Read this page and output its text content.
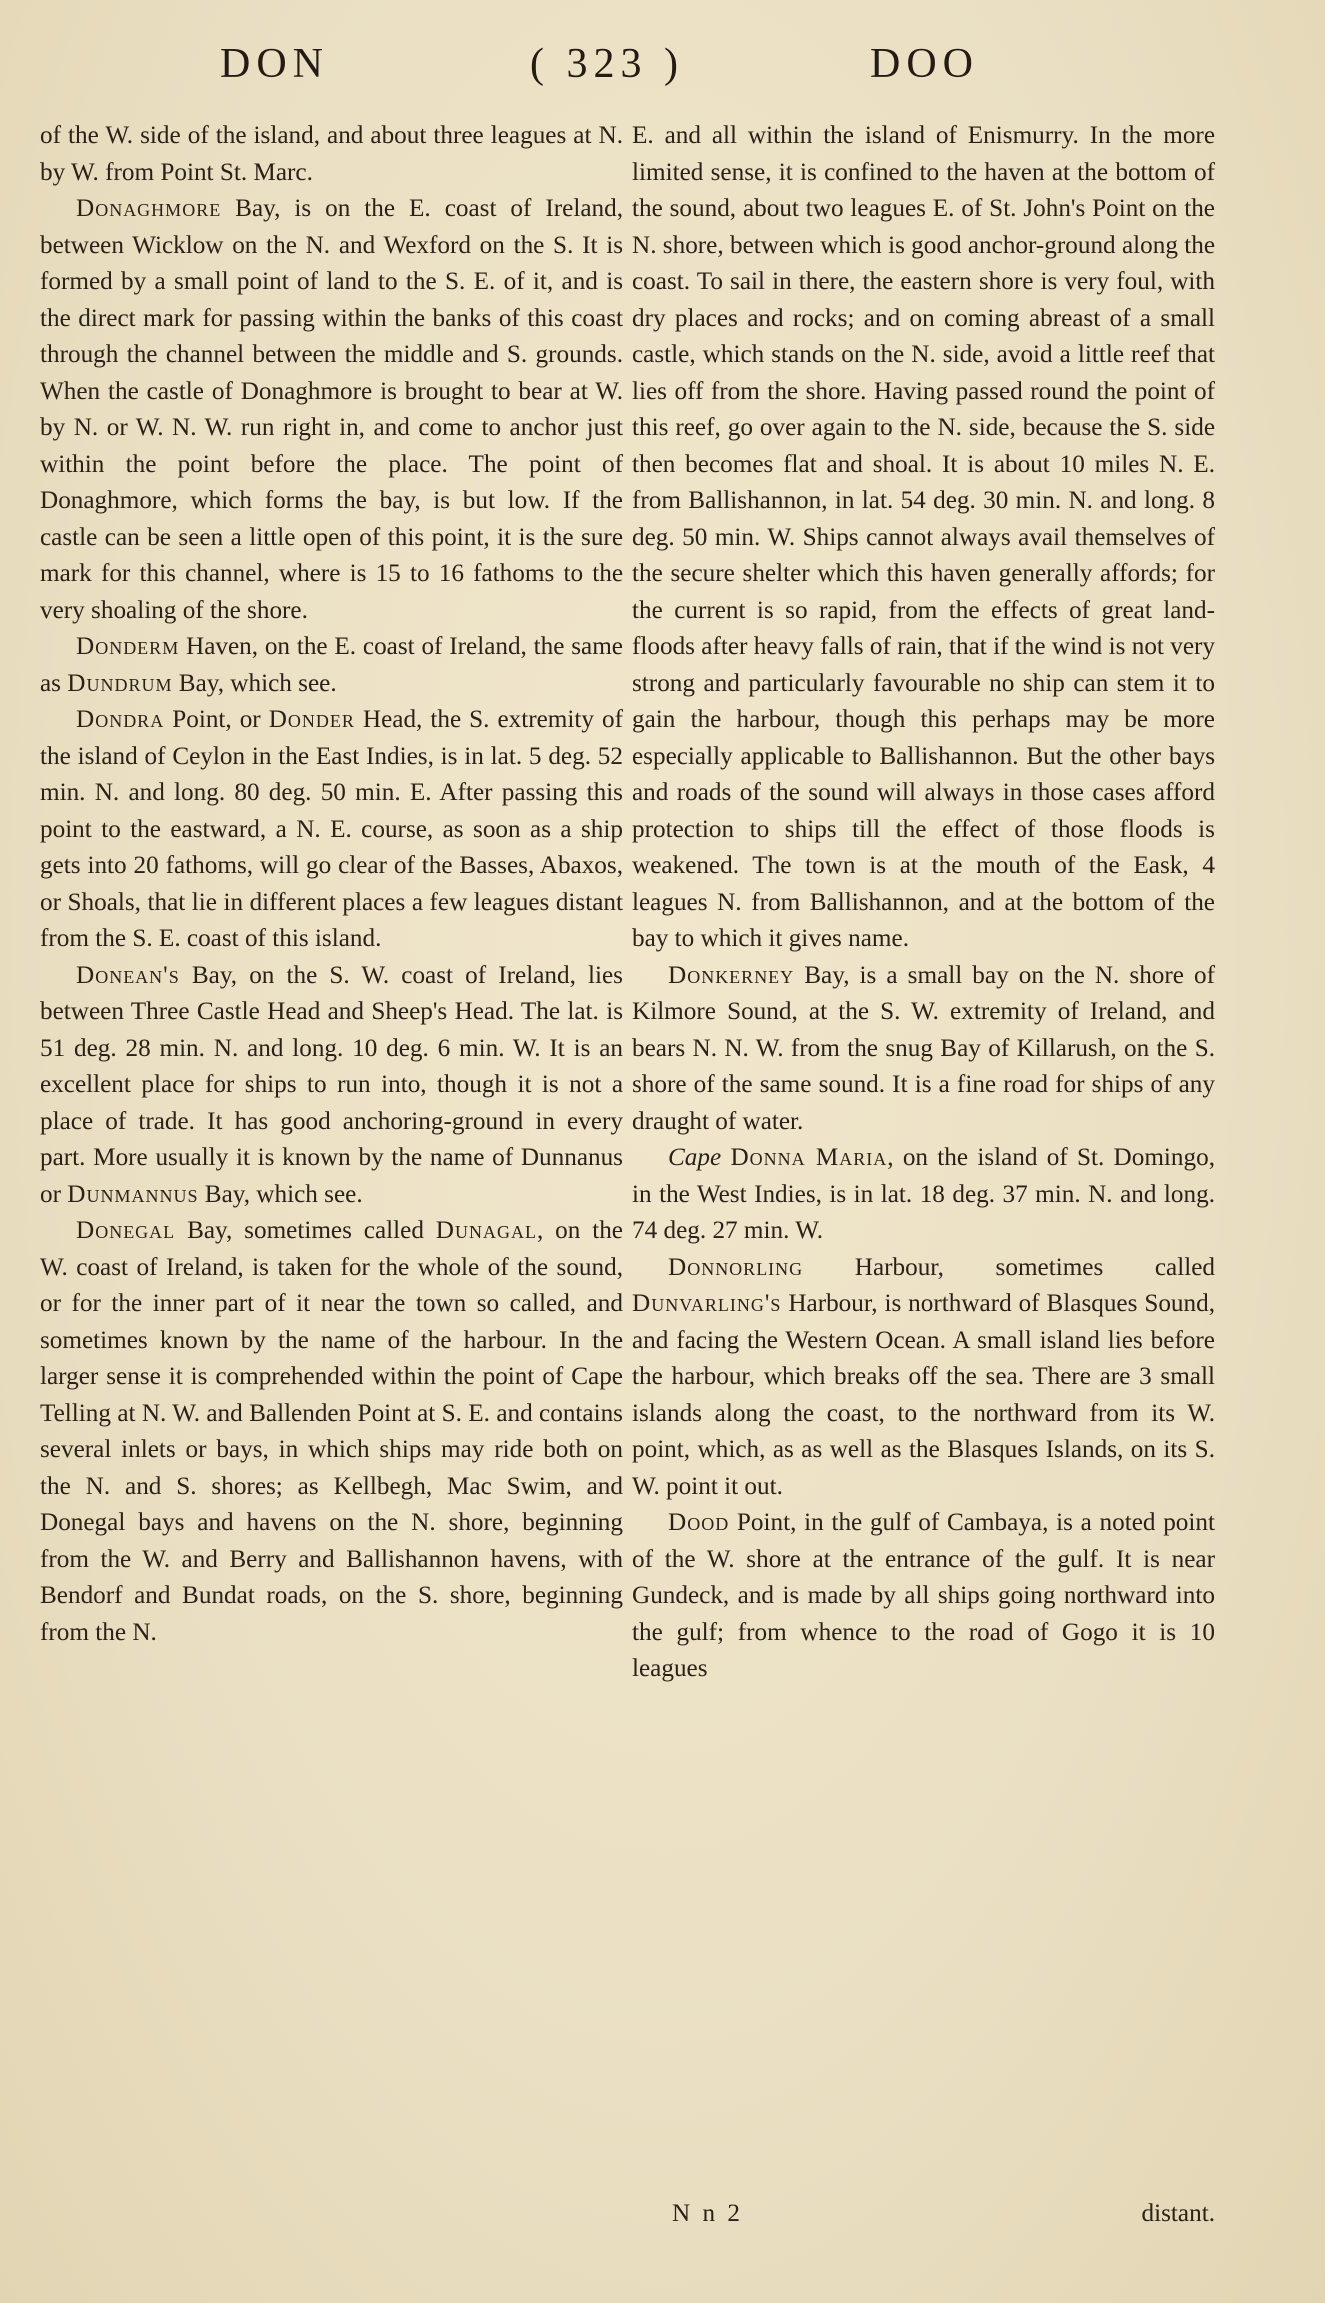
DON	( 323 )	DOO

of the W. side of the island, and about three leagues at N. by W. from Point St. Marc.

Donaghmore Bay, is on the E. coast of Ireland, between Wicklow on the N. and Wexford on the S. It is formed by a small point of land to the S. E. of it, and is the direct mark for passing within the banks of this coast through the channel between the middle and S. grounds. When the castle of Donaghmore is brought to bear at W. by N. or W. N. W. run right in, and come to anchor just within the point before the place. The point of Donaghmore, which forms the bay, is but low. If the castle can be seen a little open of this point, it is the sure mark for this channel, where is 15 to 16 fathoms to the very shoaling of the shore.

Donderm Haven, on the E. coast of Ireland, the same as Dundrum Bay, which see.

Dondra Point, or Donder Head, the S. extremity of the island of Ceylon in the East Indies, is in lat. 5 deg. 52 min. N. and long. 80 deg. 50 min. E. After passing this point to the eastward, a N. E. course, as soon as a ship gets into 20 fathoms, will go clear of the Basses, Abaxos, or Shoals, that lie in different places a few leagues distant from the S. E. coast of this island.

Donean's Bay, on the S. W. coast of Ireland, lies between Three Castle Head and Sheep's Head. The lat. is 51 deg. 28 min. N. and long. 10 deg. 6 min. W. It is an excellent place for ships to run into, though it is not a place of trade. It has good anchoring-ground in every part. More usually it is known by the name of Dunnanus or Dunmannus Bay, which see.

Donegal Bay, sometimes called Dunagal, on the W. coast of Ireland, is taken for the whole of the sound, or for the inner part of it near the town so called, and sometimes known by the name of the harbour. In the larger sense it is comprehended within the point of Cape Telling at N. W. and Ballenden Point at S. E. and contains several inlets or bays, in which ships may ride both on the N. and S. shores; as Kellbegh, Mac Swim, and Donegal bays and havens on the N. shore, beginning from the W. and Berry and Ballishannon havens, with Bendorf and Bundat roads, on the S. shore, beginning from the N.

E. and all within the island of Enismurry. In the more limited sense, it is confined to the haven at the bottom of the sound, about two leagues E. of St. John's Point on the N. shore, between which is good anchor-ground along the coast. To sail in there, the eastern shore is very foul, with dry places and rocks; and on coming abreast of a small castle, which stands on the N. side, avoid a little reef that lies off from the shore. Having passed round the point of this reef, go over again to the N. side, because the S. side then becomes flat and shoal. It is about 10 miles N. E. from Ballishannon, in lat. 54 deg. 30 min. N. and long. 8 deg. 50 min. W. Ships cannot always avail themselves of the secure shelter which this haven generally affords; for the current is so rapid, from the effects of great land-floods after heavy falls of rain, that if the wind is not very strong and particularly favourable no ship can stem it to gain the harbour, though this perhaps may be more especially applicable to Ballishannon. But the other bays and roads of the sound will always in those cases afford protection to ships till the effect of those floods is weakened. The town is at the mouth of the Eask, 4 leagues N. from Ballishannon, and at the bottom of the bay to which it gives name.

Donkerney Bay, is a small bay on the N. shore of Kilmore Sound, at the S. W. extremity of Ireland, and bears N. N. W. from the snug Bay of Killarush, on the S. shore of the same sound. It is a fine road for ships of any draught of water.

Cape Donna Maria, on the island of St. Domingo, in the West Indies, is in lat. 18 deg. 37 min. N. and long. 74 deg. 27 min. W.

Donnorling Harbour, sometimes called Dunvarling's Harbour, is northward of Blasques Sound, and facing the Western Ocean. A small island lies before the harbour, which breaks off the sea. There are 3 small islands along the coast, to the northward from its W. point, which, as as well as the Blasques Islands, on its S. W. point it out.

Dood Point, in the gulf of Cambaya, is a noted point of the W. shore at the entrance of the gulf. It is near Gundeck, and is made by all ships going northward into the gulf; from whence to the road of Gogo it is 10 leagues

N n 2	distant.
